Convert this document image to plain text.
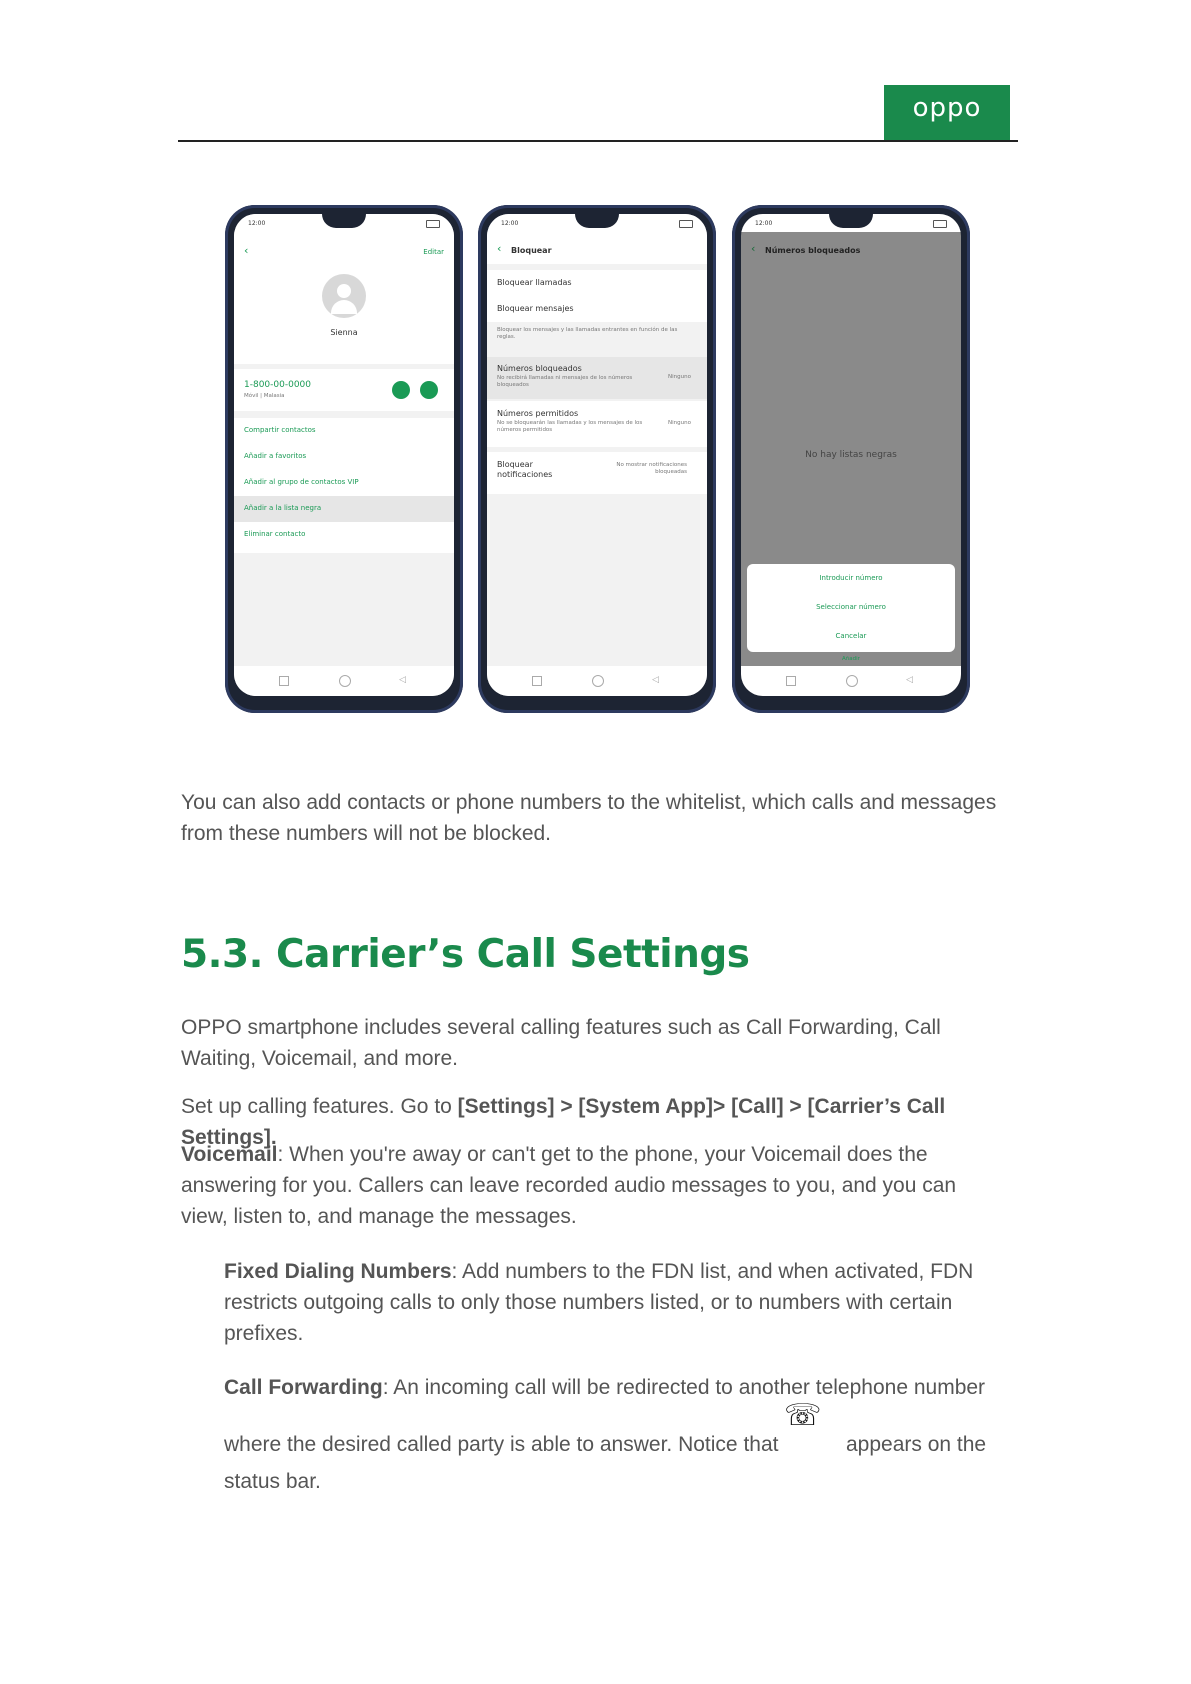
oppo
12:00
‹	Editar
Sienna
1-800-00-0000
Móvil | Malasia
Compartir contactos
Añadir a favoritos
Añadir al grupo de contactos VIP
Añadir a la lista negra
Eliminar contacto
◁
12:00
‹ Bloquear
Bloquear llamadas
Bloquear mensajes
Bloquear los mensajes y las llamadas entrantes en función de las reglas.
Números bloqueados
No recibirá llamadas ni mensajes de los números bloqueados
Ninguno
Números permitidos
No se bloquearán las llamadas y los mensajes de los números permitidos
Ninguno
Bloquear notificaciones
No mostrar notificaciones bloqueadas
◁
12:00
‹ Números bloqueados
No hay listas negras
Introducir número
Seleccionar número
Cancelar
Añadir
◁
You can also add contacts or phone numbers to the whitelist, which calls and messages from these numbers will not be blocked.
5.3. Carrier’s Call Settings
OPPO smartphone includes several calling features such as Call Forwarding, Call Waiting, Voicemail, and more.
Set up calling features. Go to [Settings] > [System App]> [Call] > [Carrier’s Call Settings].
Voicemail: When you're away or can't get to the phone, your Voicemail does the answering for you. Callers can leave recorded audio messages to you, and you can view, listen to, and manage the messages.
Fixed Dialing Numbers: Add numbers to the FDN list, and when activated, FDN restricts outgoing calls to only those numbers listed, or to numbers with certain prefixes.
Call Forwarding: An incoming call will be redirected to another telephone number
where the desired called party is able to answer. Notice that
☏
appears on the
status bar.
